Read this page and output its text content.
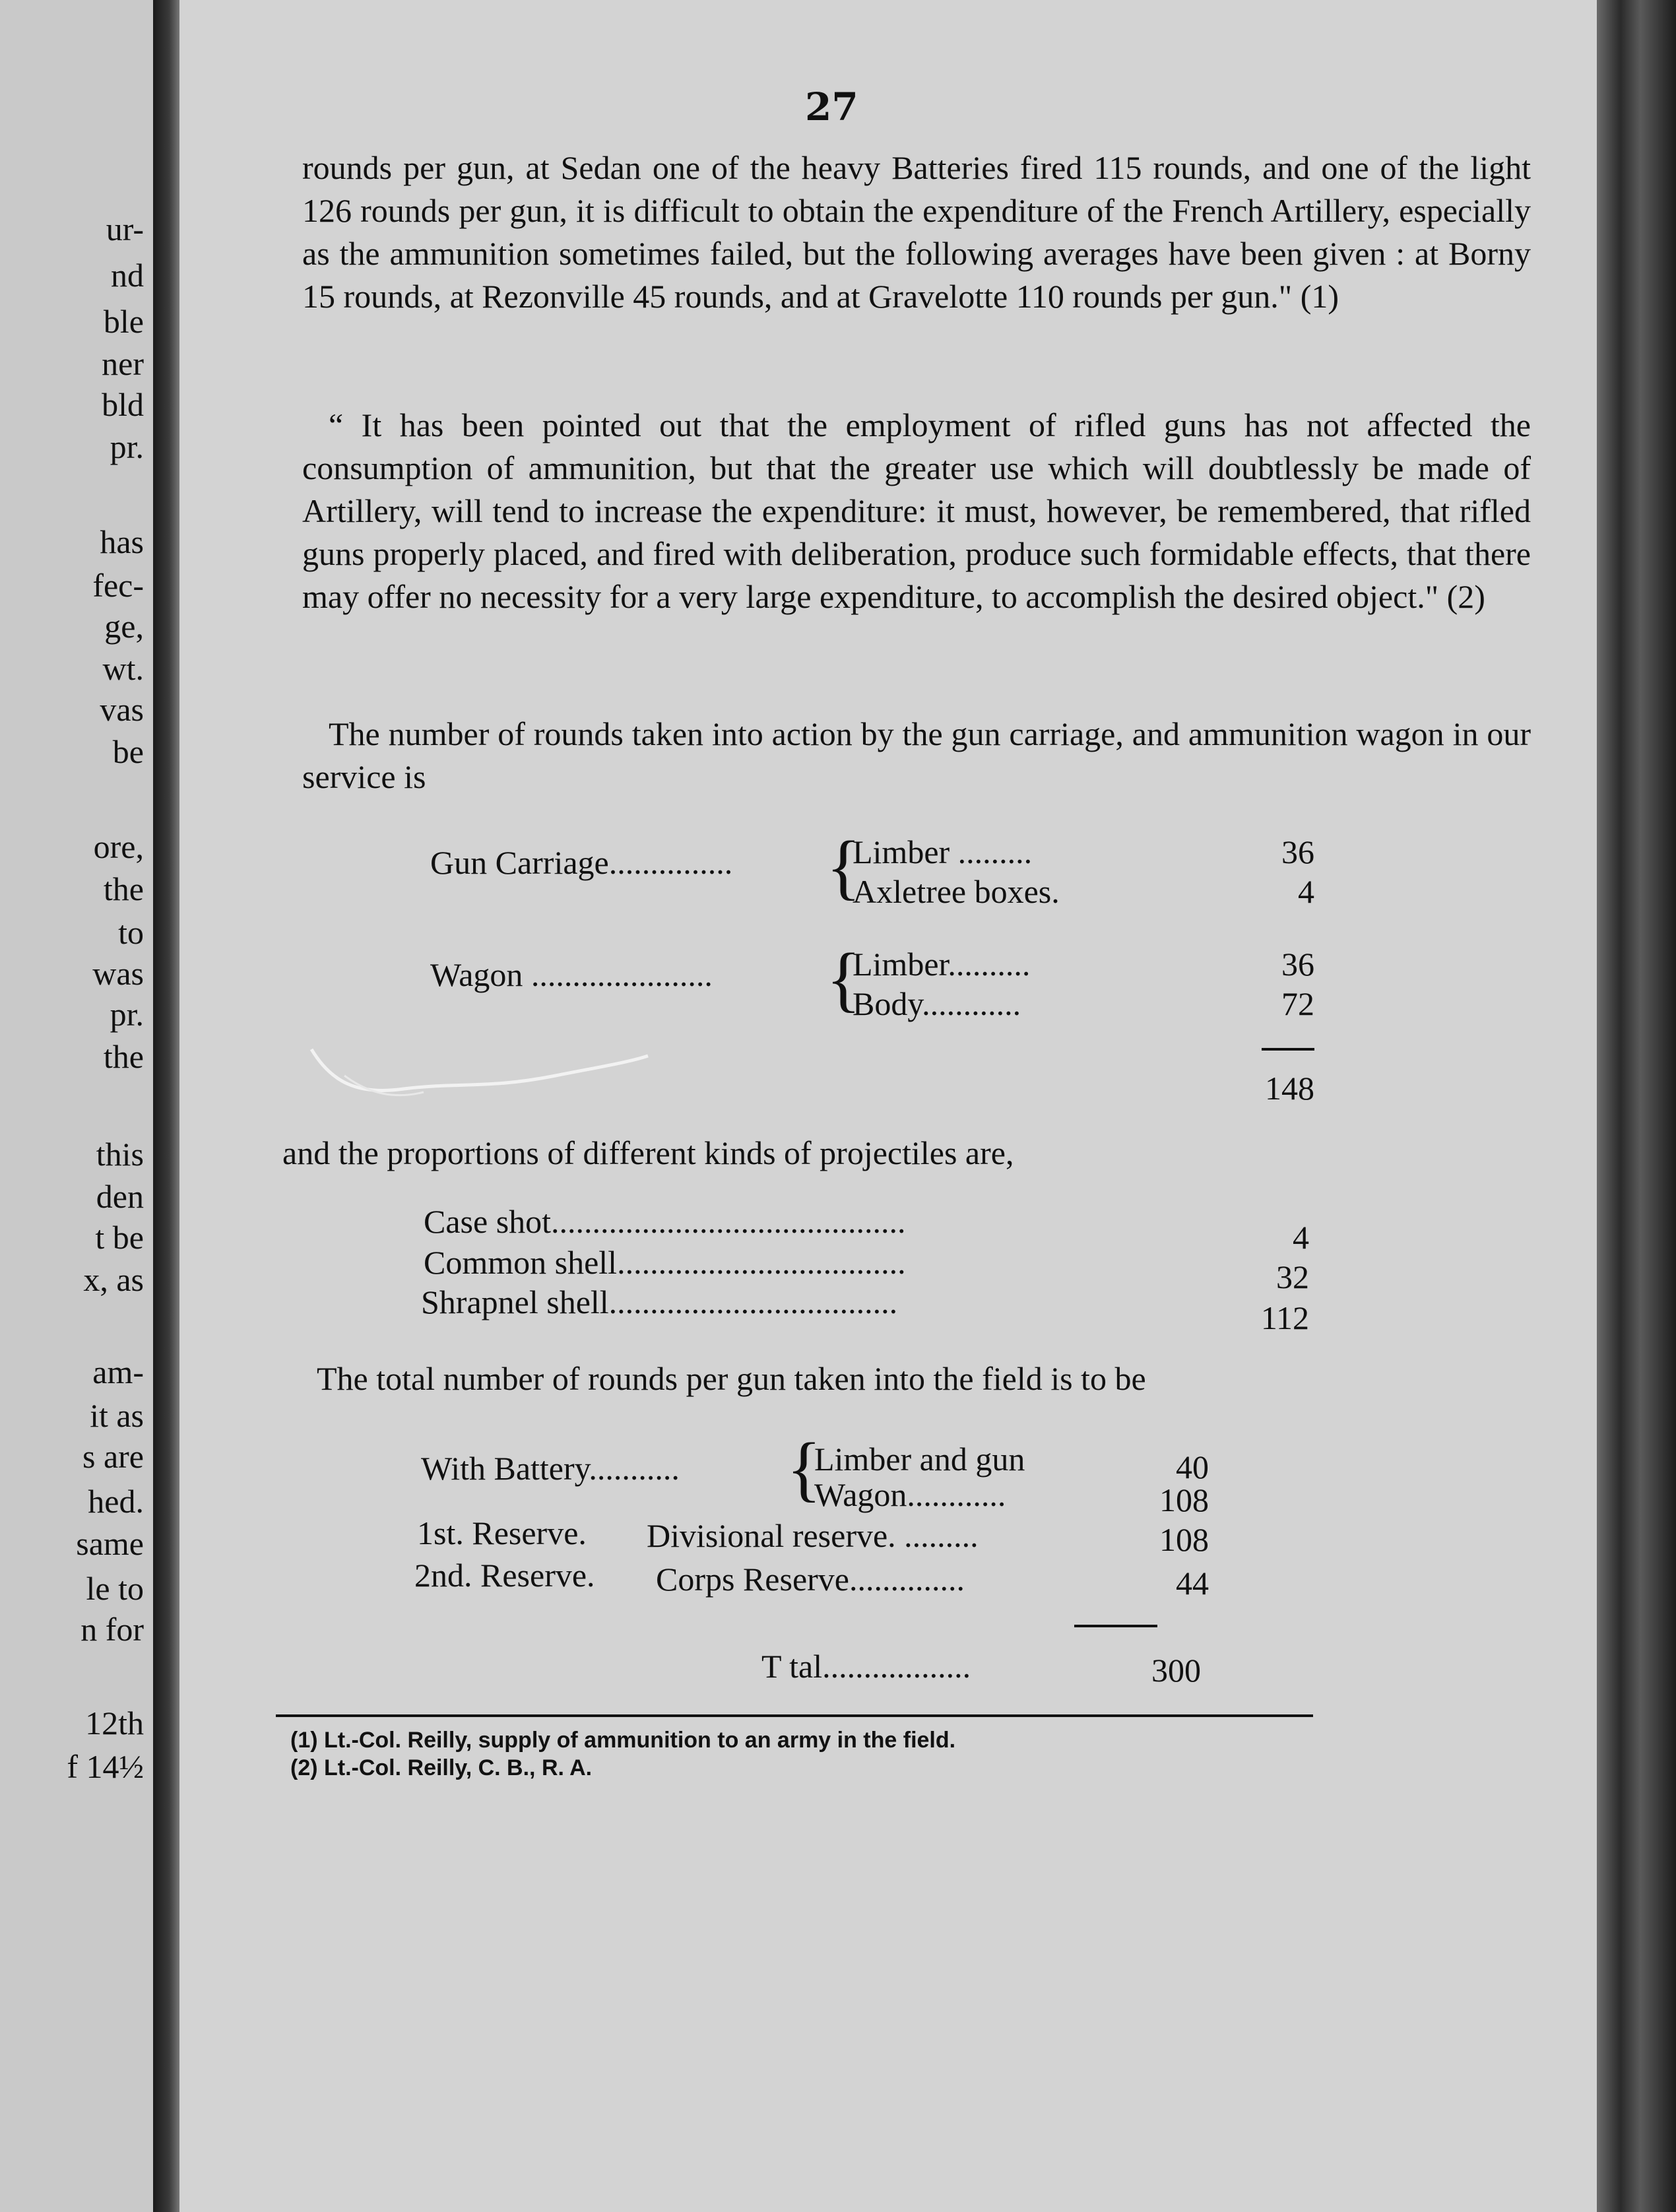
ur-
nd
ble
ner
bld
pr.
has
fec-
ge,
wt.
vas
be
ore,
the
to
was
pr.
the
this
den
t be
x, as
am-
it as
s are
hed.
same
le to
n for
12th
f 14½
27

rounds per gun, at Sedan one of the heavy Batteries fired 115 rounds, and one of the light 126 rounds per gun, it is difficult to obtain the expenditure of the French Artillery, especially as the ammunition sometimes failed, but the following averages have been given : at Borny 15 rounds, at Rezonville 45 rounds, and at Gravelotte 110 rounds per gun." (1)

“ It has been pointed out that the employment of rifled guns has not affected the consumption of ammunition, but that the greater use which will doubtlessly be made of Artillery, will tend to increase the expenditure: it must, however, be remembered, that rifled guns properly placed, and fired with deliberation, produce such formidable effects, that there may offer no necessity for a very large expenditure, to accomplish the desired object." (2)

The number of rounds taken into action by the gun carriage, and ammunition wagon in our service is

Gun Carriage............... {
Limber .........	36
Axletree boxes.	4
Wagon ...................... {
Limber..........	36
Body............	72
148
and the proportions of different kinds of projectiles are,
Case shot...........................................	4
Common shell...................................	32
Shrapnel shell...................................	112
The total number of rounds per gun taken into the field is to be
With Battery........... {
Limber and gun	40
Wagon............	108
1st. Reserve. Divisional reserve. .........	108
2nd. Reserve. Corps Reserve..............	44
T tal..................	300
(1) Lt.-Col. Reilly, supply of ammunition to an army in the field.
(2) Lt.-Col. Reilly, C. B., R. A.
